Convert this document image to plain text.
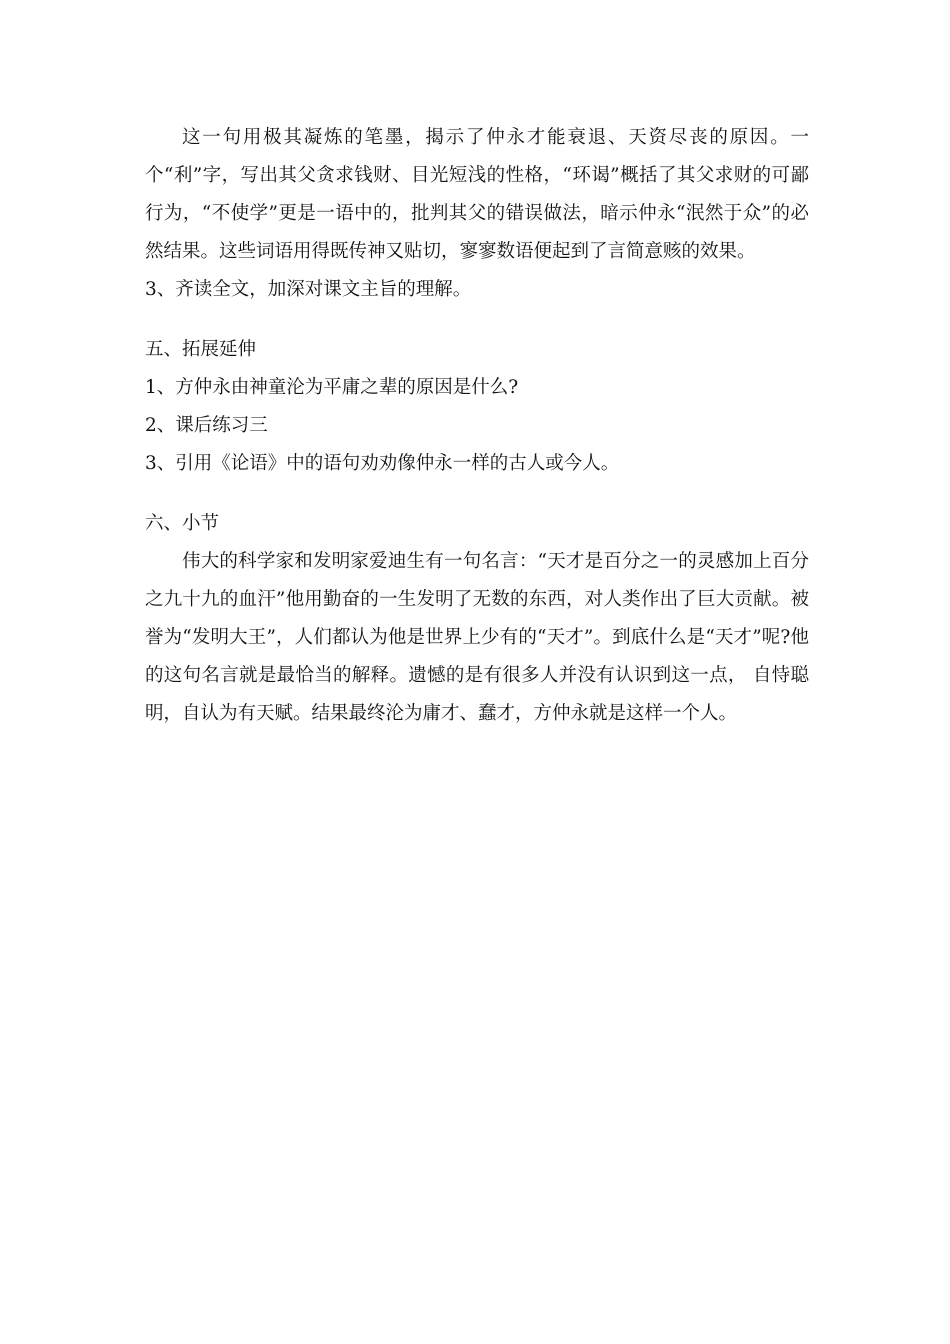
这一句用极其凝炼的笔墨，揭示了仲永才能衰退、天资尽丧的原因。一个“利”字，写出其父贪求钱财、目光短浅的性格，“环谒”概括了其父求财的可鄙行为，“不使学”更是一语中的，批判其父的错误做法，暗示仲永“泯然于众”的必然结果。这些词语用得既传神又贴切，寥寥数语便起到了言简意赅的效果。

3、齐读全文，加深对课文主旨的理解。

五、拓展延伸

1、方仲永由神童沦为平庸之辈的原因是什么?

2、课后练习三

3、引用《论语》中的语句劝劝像仲永一样的古人或今人。

六、小节

伟大的科学家和发明家爱迪生有一句名言：“天才是百分之一的灵感加上百分之九十九的血汗”他用勤奋的一生发明了无数的东西，对人类作出了巨大贡献。被誉为“发明大王”，人们都认为他是世界上少有的“天才”。到底什么是“天才”呢?他的这句名言就是最恰当的解释。遗憾的是有很多人并没有认识到这一点， 自恃聪明，自认为有天赋。结果最终沦为庸才、蠢才，方仲永就是这样一个人。
